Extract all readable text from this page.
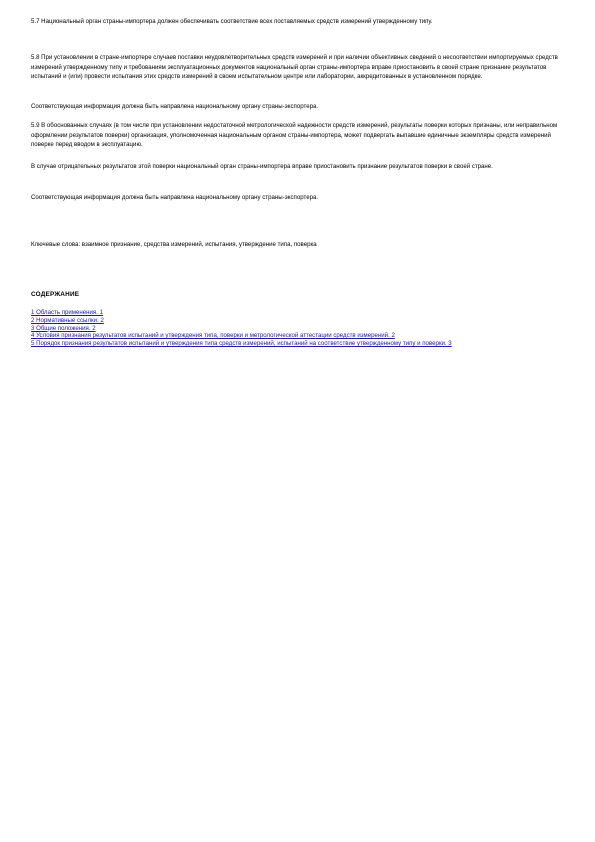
5.7 Национальный орган страны-импортера должен обеспечивать соответствие всех поставляемых средств измерений утвержденному типу.

5.8 При установлении в стране-импортере случаев поставки неудовлетворительных средств измерений и при наличии объективных сведений о несоответствии импортируемых средств измерений утвержденному типу и требованиям эксплуатационных документов национальный орган страны-импортера вправе приостановить в своей стране признание результатов испытаний и (или) провести испытания этих средств измерений в своем испытательном центре или лаборатории, аккредитованных в установленном порядке.

Соответствующая информация должна быть направлена национальному органу страны-экспортера.

5.9 В обоснованных случаях (в том числе при установлении недостаточной метрологической надежности средств измерений, результаты поверки которых признаны, или неправильном оформлении результатов поверки) организация, уполномоченная национальным органом страны-импортера, может подвергать выпавшие единичные экземпляры средств измерений поверке перед вводом в эксплуатацию.

В случае отрицательных результатов этой поверки национальный орган страны-импортера вправе приостановить признание результатов поверки в своей стране.

Соответствующая информация должна быть направлена национальному органу страны-экспортера.

Ключевые слова: взаимное признание, средства измерений, испытания, утверждение типа, поверка

СОДЕРЖАНИЕ

1 Область применения. 1
2 Нормативные ссылки. 2
3 Общие положения. 2
4 Условия признания результатов испытаний и утверждения типа, поверки и метрологической аттестации средств измерений. 2
5 Порядок признания результатов испытаний и утверждения типа средств измерений, испытаний на соответствие утвержденному типу и поверки. 3
